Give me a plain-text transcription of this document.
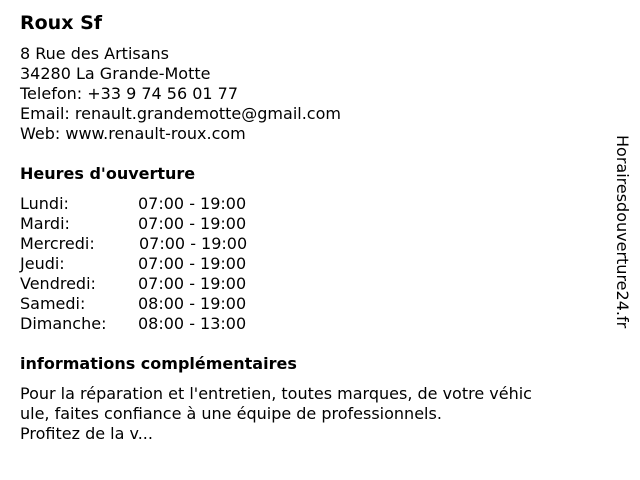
Roux Sf
8 Rue des Artisans
34280 La Grande-Motte
Telefon: +33 9 74 56 01 77
Email: renault.grandemotte@gmail.com
Web: www.renault-roux.com
Heures d'ouverture
Lundi:	07:00 - 19:00
Mardi:	07:00 - 19:00
Mercredi:	07:00 - 19:00
Jeudi:	07:00 - 19:00
Vendredi:	07:00 - 19:00
Samedi:	08:00 - 19:00
Dimanche: 08:00 - 13:00
informations complémentaires
Pour la réparation et l'entretien, toutes marques, de votre véhic
ule, faites confiance à une équipe de professionnels.
Profitez de la v...
Horairesdouverture24.fr
